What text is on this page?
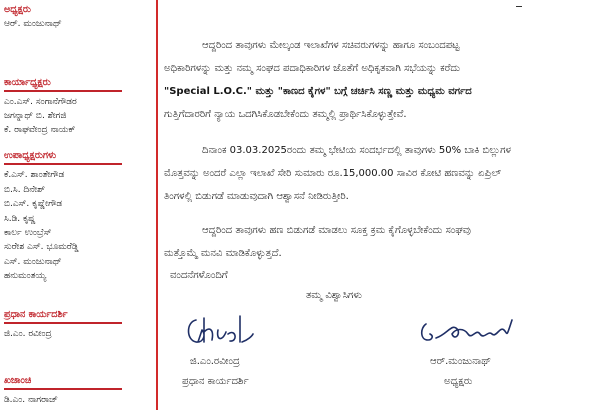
ಅಧ್ಯಕ್ಷರು
ಆರ್. ಮಂಜುನಾಥ್
ಕಾರ್ಯಾಧ್ಯಕ್ಷರು
ಎಂ.ಎಸ್. ಸಂಗಾನೆಗೌಡರ
ಜಗನ್ನಾಥ್ ಬಿ. ಶೇಗಜಿ
ಕೆ. ರಾಘವೇಂದ್ರ ನಾಯಕ್
ಉಪಾಧ್ಯಕ್ಷರುಗಳು
ಕೆ.ಎಸ್. ಶಾಂತೇಗೌಡ
ಬಿ.ಸಿ. ದಿನೇಶ್
ಬಿ.ಎಸ್. ಕೃಷ್ಣೇಗೌಡ
ಸಿ.ಡಿ. ಕೃಷ್ಣ
ಕಾರ್ಲ ಉಂಬ್ರೆಸ್
ಸುರೇಶ ಎಸ್. ಭೂಮರೆಡ್ಡಿ
ಎಸ್. ಮಂಜುನಾಥ್
ಹನುಮಂತಯ್ಯ
ಪ್ರಧಾನ ಕಾರ್ಯದರ್ಶಿ
ಜಿ.ಎಂ. ರವೀಂದ್ರ
ಖಜಾಂಚಿ
ಡಿ.ಎಂ. ನಾಗರಾಜ್
ಆದ್ದರಿಂದ ತಾವುಗಳು ಮೇಲ್ಕಂಡ ಇಲಾಖೆಗಳ ಸಚಿವರುಗಳನ್ನು ಹಾಗೂ ಸಂಬಂದಪಟ್ಟ
ಅಧಿಕಾರಿಗಳನ್ನು ಮತ್ತು ನಮ್ಮ ಸಂಘದ ಪದಾಧಿಕಾರಿಗಳ ಜೊತೆಗೆ ಅಧಿಕೃತವಾಗಿ ಸಭೆಯನ್ನು ಕರೆದು
"Special L.O.C." ಮತ್ತು "ಕಾಣದ ಕೈಗಳ" ಬಗ್ಗೆ ಚರ್ಚಿಸಿ ಸಣ್ಣ ಮತ್ತು ಮಧ್ಯಮ ವರ್ಗದ
ಗುತ್ತಿಗೆದಾರರಿಗೆ ನ್ಯಾಯ ಒದಗಿಸಿಕೊಡಬೇಕೆಂದು ತಮ್ಮಲ್ಲಿ ಪ್ರಾರ್ಥಿಸಿಕೊಳ್ಳುತ್ತೇವೆ.
ದಿನಾಂಕ 03.03.2025ರಂದು ತಮ್ಮ ಭೇಟಿಯ ಸಂದರ್ಭದಲ್ಲಿ ತಾವುಗಳು 50% ಬಾಕಿ ಬಿಲ್ಲುಗಳ
ಮೊತ್ತವನ್ನು ಅಂದರೆ ಎಲ್ಲಾ ಇಲಾಖೆ ಸೇರಿ ಸುಮಾರು ರೂ.15,000.00 ಸಾವಿರ ಕೋಟಿ ಹಣವನ್ನು ಏಪ್ರಿಲ್
ತಿಂಗಳಲ್ಲಿ ಬಿಡುಗಡೆ ಮಾಡುವುದಾಗಿ ಆಶ್ವಾಸನೆ ನೀಡಿರುತ್ತೀರಿ.
ಆದ್ದರಿಂದ ತಾವುಗಳು ಹಣ ಬಿಡುಗಡೆ ಮಾಡಲು ಸೂಕ್ತ ಕ್ರಮ ಕೈಗೊಳ್ಳಬೇಕೆಂದು ಸಂಘವು
ಮತ್ತೊಮ್ಮೆ ಮನವಿ ಮಾಡಿಕೊಳ್ಳುತ್ತದೆ.
ವಂದನೆಗಳೊಂದಿಗೆ
ತಮ್ಮ ವಿಶ್ವಾಸಿಗಳು
ಜಿ.ಎಂ.ರವೀಂದ್ರ
ಪ್ರಧಾನ ಕಾರ್ಯದರ್ಶಿ
ಆರ್.ಮಂಜುನಾಥ್
ಅಧ್ಯಕ್ಷರು
